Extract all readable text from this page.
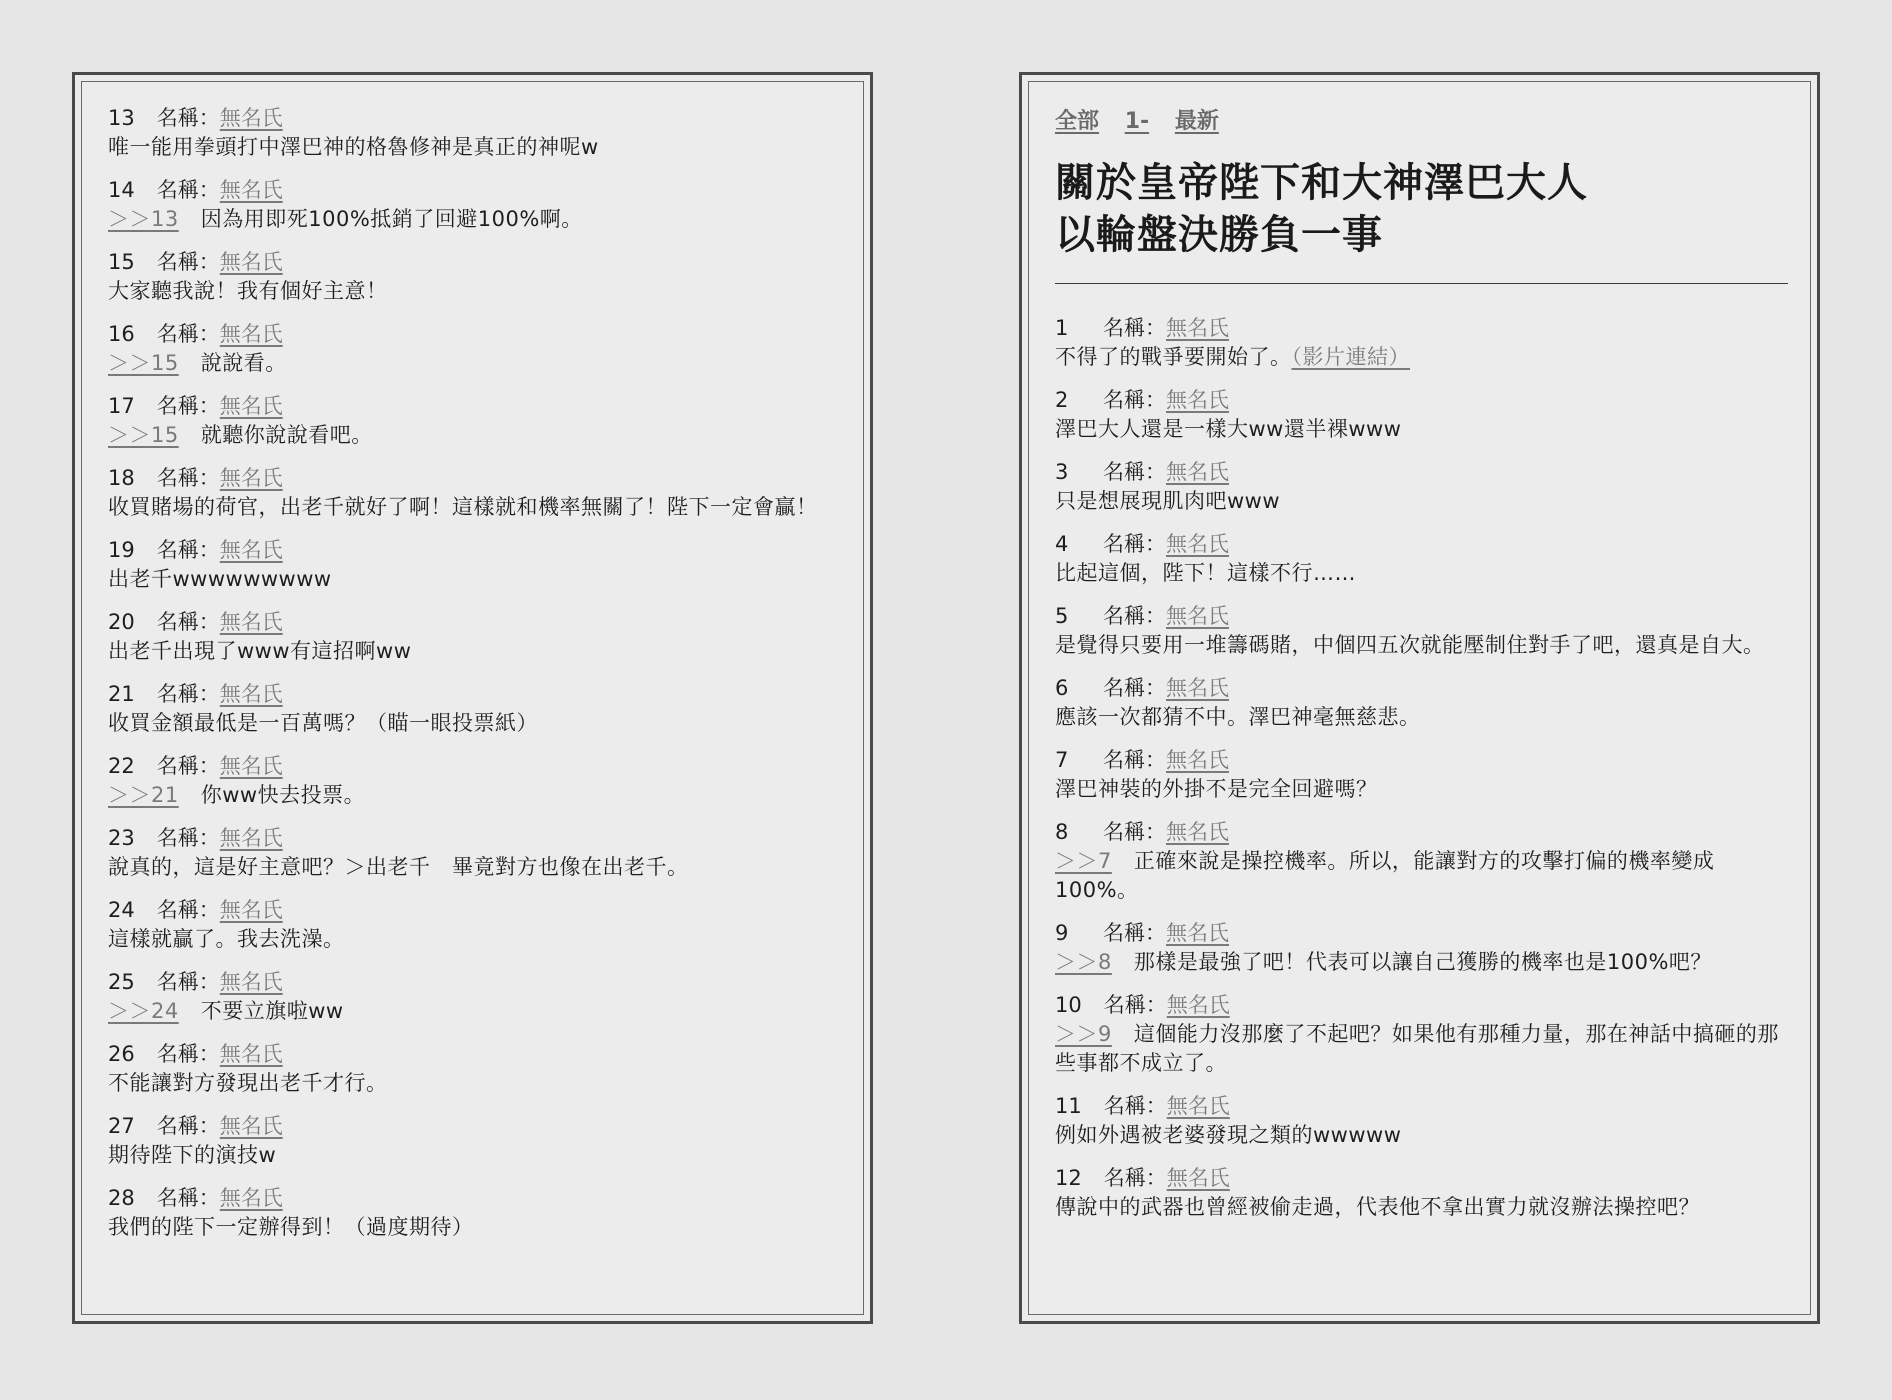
13 名稱：無名氏
唯一能用拳頭打中澤巴神的格魯修神是真正的神呢w
14 名稱：無名氏
＞＞13 因為用即死100%抵銷了回避100%啊。
15 名稱：無名氏
大家聽我說！我有個好主意！
16 名稱：無名氏
＞＞15 說說看。
17 名稱：無名氏
＞＞15 就聽你說說看吧。
18 名稱：無名氏
收買賭場的荷官，出老千就好了啊！這樣就和機率無關了！陛下一定會贏！
19 名稱：無名氏
出老千wwwwwwwww
20 名稱：無名氏
出老千出現了www有這招啊ww
21 名稱：無名氏
收買金額最低是一百萬嗎？（瞄一眼投票紙）
22 名稱：無名氏
＞＞21 你ww快去投票。
23 名稱：無名氏
說真的，這是好主意吧？＞出老千　畢竟對方也像在出老千。
24 名稱：無名氏
這樣就贏了。我去洗澡。
25 名稱：無名氏
＞＞24 不要立旗啦ww
26 名稱：無名氏
不能讓對方發現出老千才行。
27 名稱：無名氏
期待陛下的演技w
28 名稱：無名氏
我們的陛下一定辦得到！（過度期待）
全部 1- 最新
關於皇帝陛下和大神澤巴大人
以輪盤決勝負一事
1 名稱：無名氏
不得了的戰爭要開始了。（影片連結）
2 名稱：無名氏
澤巴大人還是一樣大ww還半裸www
3 名稱：無名氏
只是想展現肌肉吧www
4 名稱：無名氏
比起這個，陛下！這樣不行……
5 名稱：無名氏
是覺得只要用一堆籌碼賭，中個四五次就能壓制住對手了吧，還真是自大。
6 名稱：無名氏
應該一次都猜不中。澤巴神毫無慈悲。
7 名稱：無名氏
澤巴神裝的外掛不是完全回避嗎？
8 名稱：無名氏
＞＞7 正確來說是操控機率。所以，能讓對方的攻擊打偏的機率變成100%。
9 名稱：無名氏
＞＞8 那樣是最強了吧！代表可以讓自己獲勝的機率也是100%吧？
10 名稱：無名氏
＞＞9 這個能力沒那麼了不起吧？如果他有那種力量，那在神話中搞砸的那些事都不成立了。
11 名稱：無名氏
例如外遇被老婆發現之類的wwwww
12 名稱：無名氏
傳說中的武器也曾經被偷走過，代表他不拿出實力就沒辦法操控吧？
